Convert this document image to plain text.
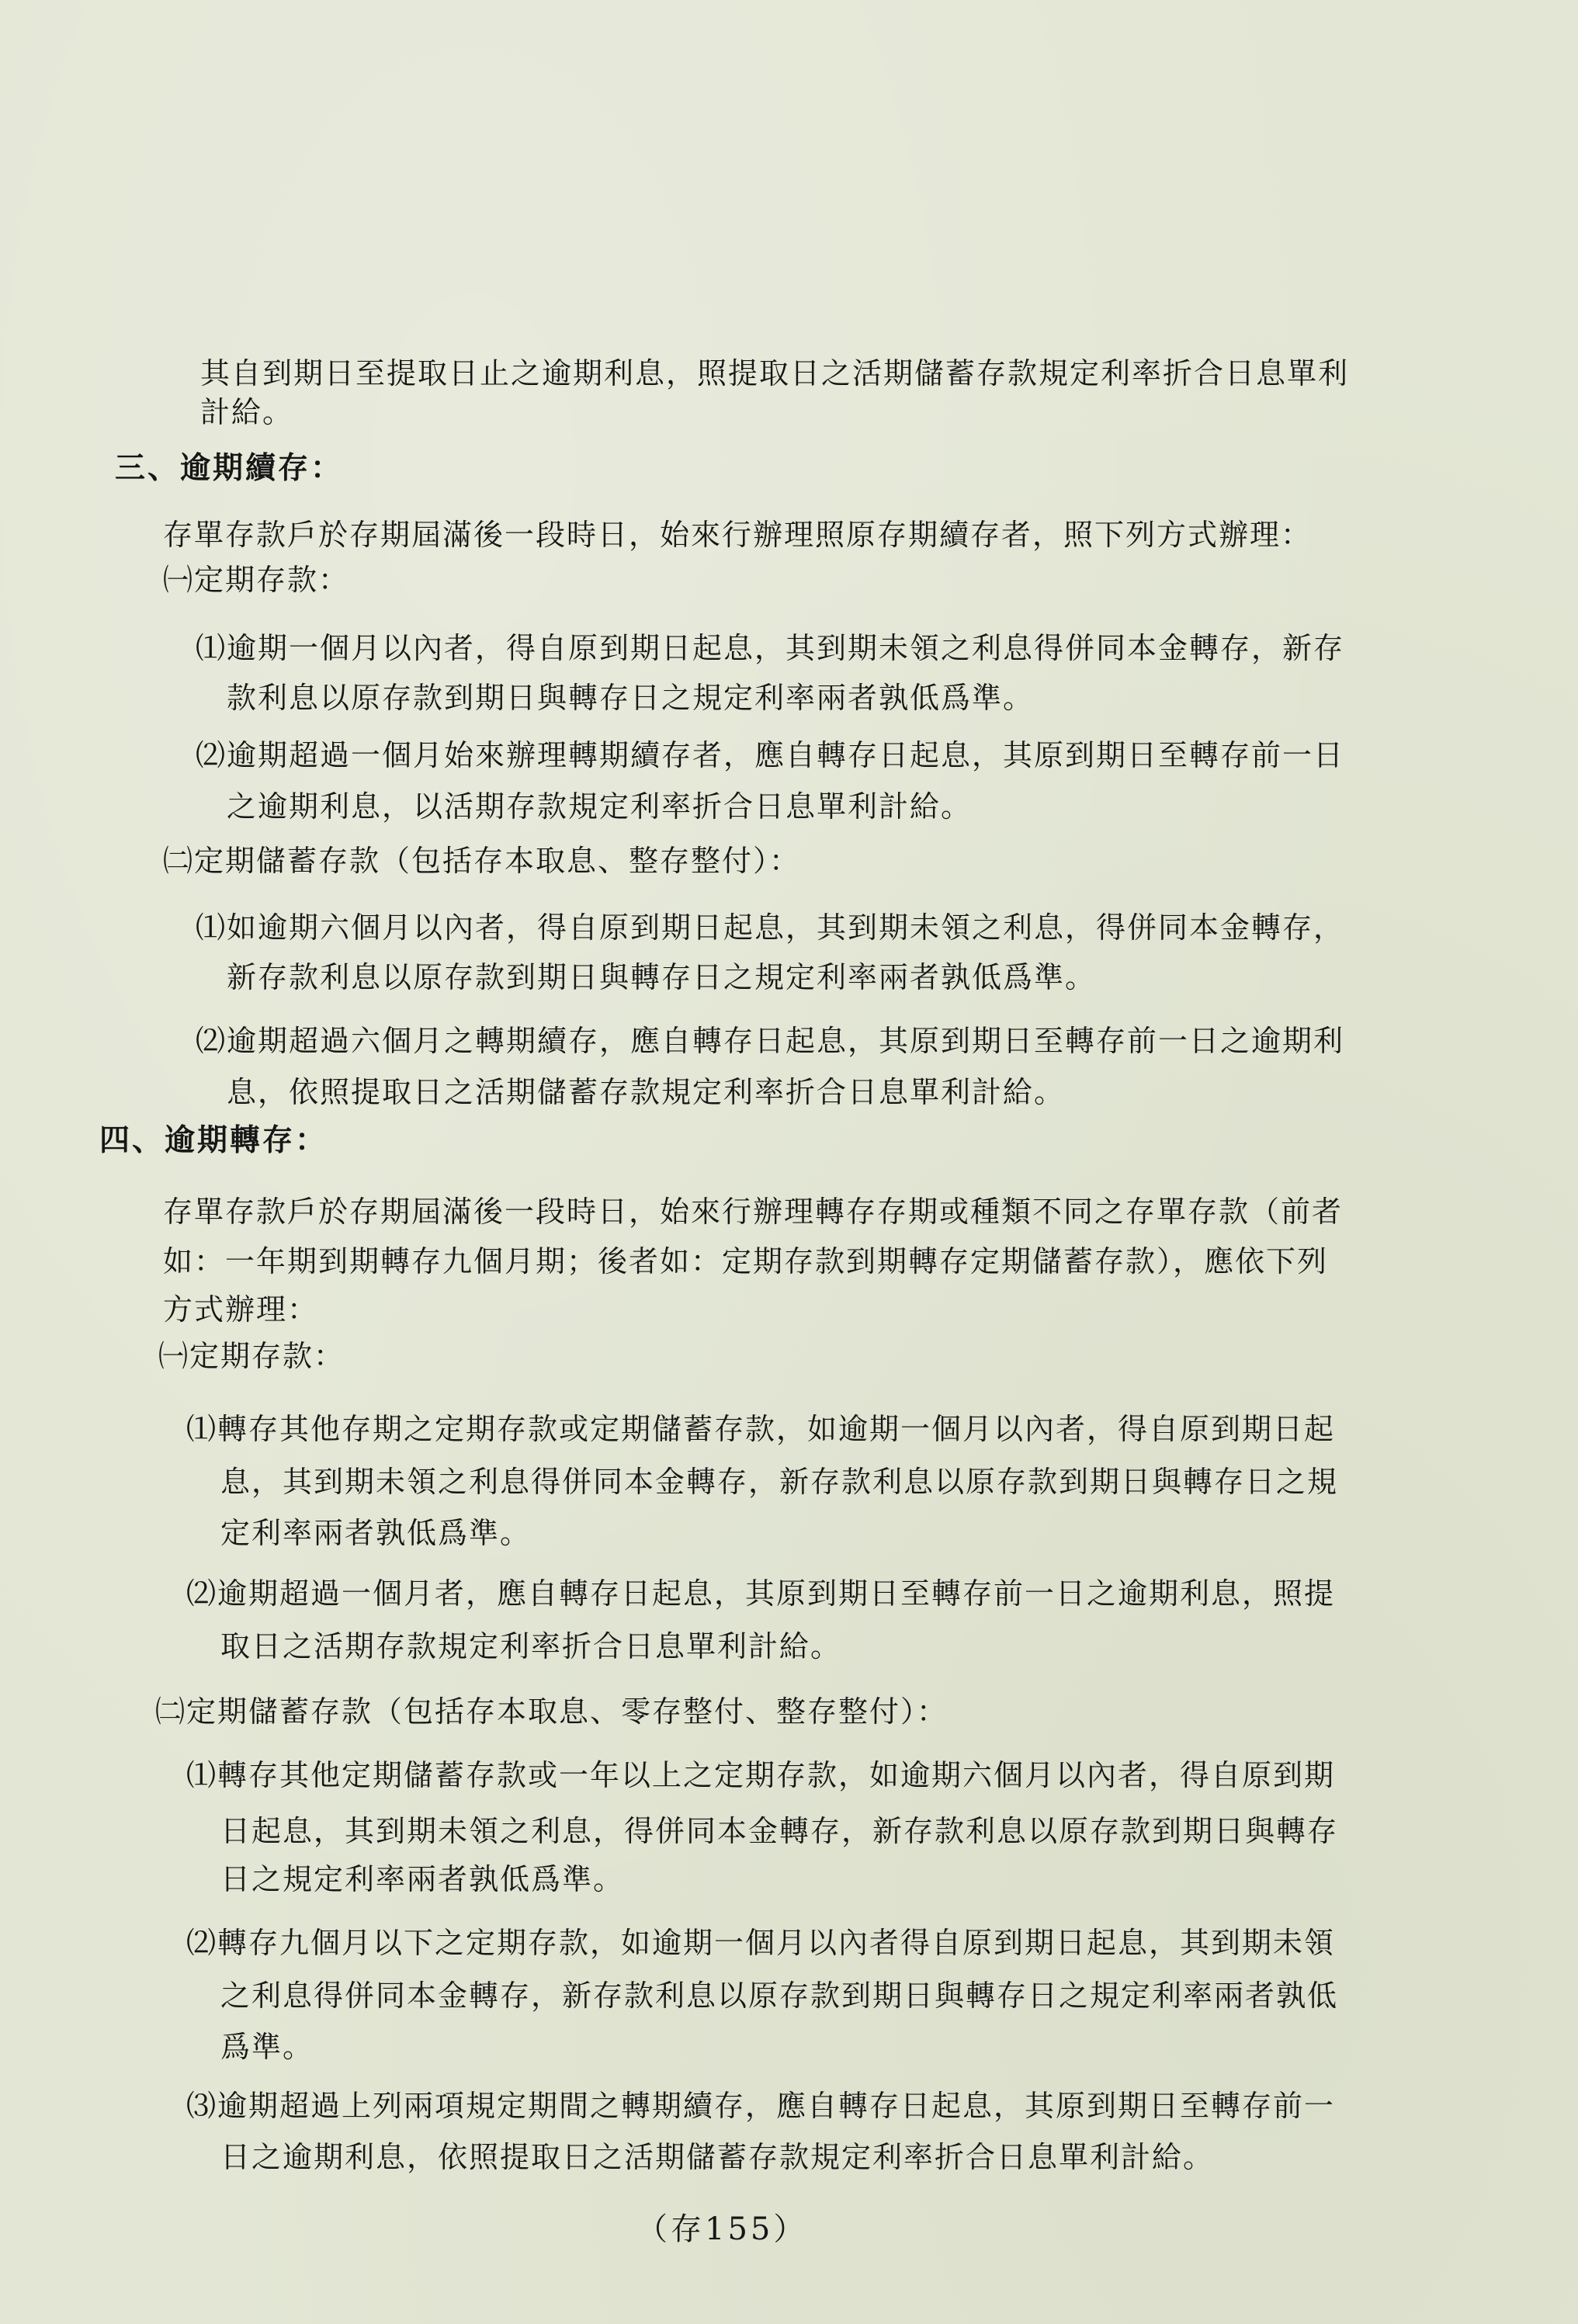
其自到期日至提取日止之逾期利息，照提取日之活期儲蓄存款規定利率折合日息單利
計給。
三、逾期續存：
存單存款戶於存期屆滿後一段時日，始來行辦理照原存期續存者，照下列方式辦理：
㈠定期存款：
⑴逾期一個月以內者，得自原到期日起息，其到期未領之利息得併同本金轉存，新存
款利息以原存款到期日與轉存日之規定利率兩者孰低爲準。
⑵逾期超過一個月始來辦理轉期續存者，應自轉存日起息，其原到期日至轉存前一日
之逾期利息，以活期存款規定利率折合日息單利計給。
㈡定期儲蓄存款（包括存本取息、整存整付）：
⑴如逾期六個月以內者，得自原到期日起息，其到期未領之利息，得併同本金轉存，
新存款利息以原存款到期日與轉存日之規定利率兩者孰低爲準。
⑵逾期超過六個月之轉期續存，應自轉存日起息，其原到期日至轉存前一日之逾期利
息，依照提取日之活期儲蓄存款規定利率折合日息單利計給。
四、逾期轉存：
存單存款戶於存期屆滿後一段時日，始來行辦理轉存存期或種類不同之存單存款（前者
如：一年期到期轉存九個月期；後者如：定期存款到期轉存定期儲蓄存款），應依下列
方式辦理：
㈠定期存款：
⑴轉存其他存期之定期存款或定期儲蓄存款，如逾期一個月以內者，得自原到期日起
息，其到期未領之利息得併同本金轉存，新存款利息以原存款到期日與轉存日之規
定利率兩者孰低爲準。
⑵逾期超過一個月者，應自轉存日起息，其原到期日至轉存前一日之逾期利息，照提
取日之活期存款規定利率折合日息單利計給。
㈡定期儲蓄存款（包括存本取息、零存整付、整存整付）：
⑴轉存其他定期儲蓄存款或一年以上之定期存款，如逾期六個月以內者，得自原到期
日起息，其到期未領之利息，得併同本金轉存，新存款利息以原存款到期日與轉存
日之規定利率兩者孰低爲準。
⑵轉存九個月以下之定期存款，如逾期一個月以內者得自原到期日起息，其到期未領
之利息得併同本金轉存，新存款利息以原存款到期日與轉存日之規定利率兩者孰低
爲準。
⑶逾期超過上列兩項規定期間之轉期續存，應自轉存日起息，其原到期日至轉存前一
日之逾期利息，依照提取日之活期儲蓄存款規定利率折合日息單利計給。
（存155）
